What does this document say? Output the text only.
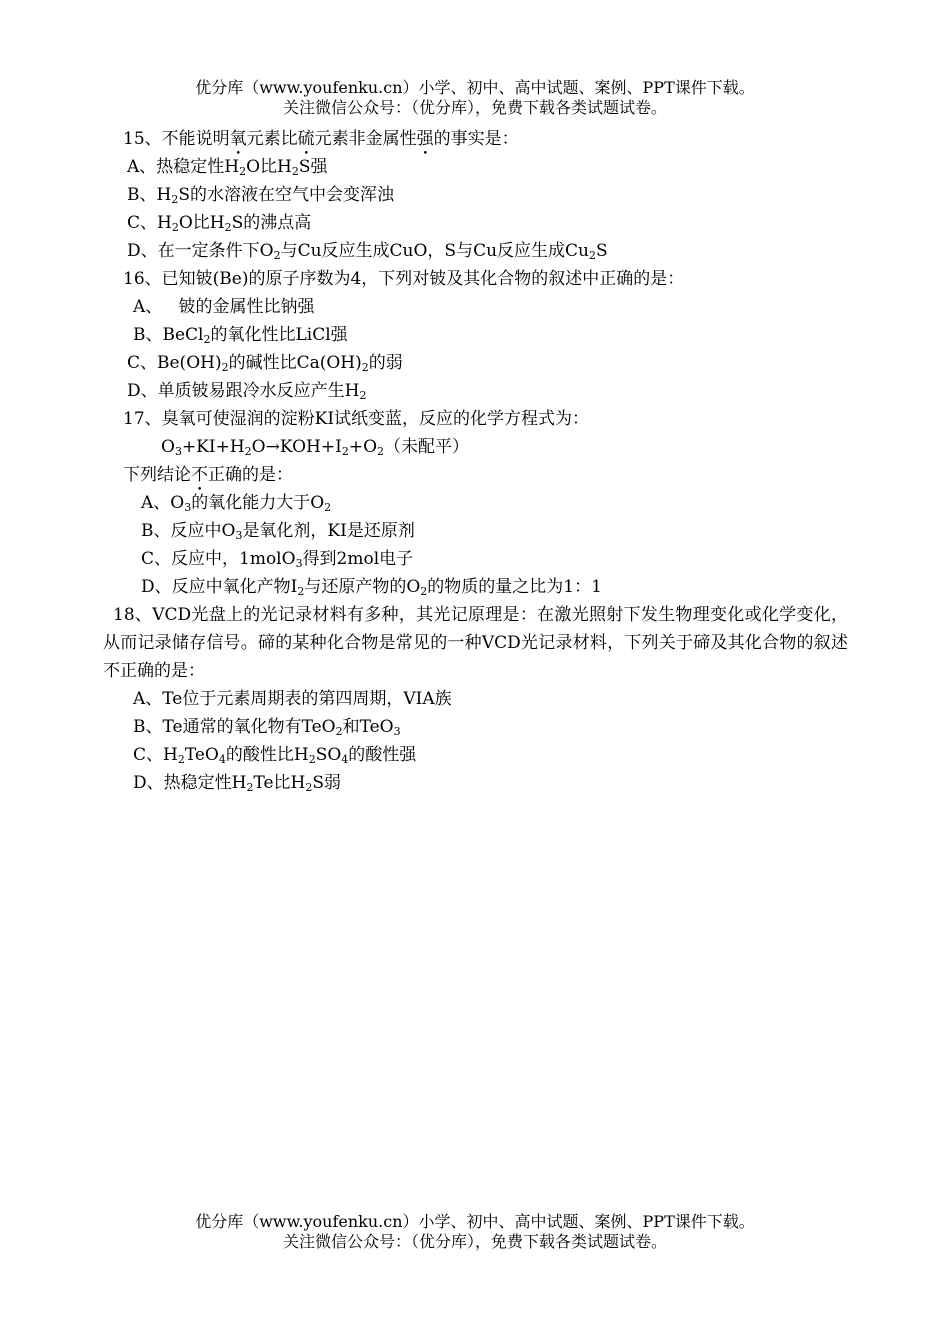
优分库（www.youfenku.cn）小学、初中、高中试题、案例、PPT课件下载。
关注微信公众号：（优分库），免费下载各类试题试卷。
15、不能说明氧元素比硫元素非金属性强的事实是：
A、热稳定性$H_2O$比$H_2S$强
B、$H_2S$的水溶液在空气中会变浑浊
C、$H_2O$比$H_2S$的沸点高
D、在一定条件下$O_2$与Cu反应生成CuO，S与Cu反应生成$Cu_2S$
16、已知铍(Be)的原子序数为4，下列对铍及其化合物的叙述中正确的是：
A、   铍的金属性比钠强
B、BeCl$_2$的氧化性比LiCl强
C、$Be(OH)_2$的碱性比$Ca(OH)_2$的弱
D、单质铍易跟冷水反应产生$H_2$
17、臭氧可使湿润的淀粉KI试纸变蓝，反应的化学方程式为：
$O_3+KI+H_2O\to KOH+I_2+O_2$（未配平）
下列结论不正确的是：
A、$O_3$的氧化能力大于$O_2$
B、反应中$O_3$是氧化剂，KI是还原剂
C、反应中，1molO$_3$得到2mol电子
D、反应中氧化产物$I_2$与还原产物的$O_2$的物质的量之比为1：1
18、VCD光盘上的光记录材料有多种，其光记原理是：在激光照射下发生物理变化或化学变化，从而记录储存信号。碲的某种化合物是常见的一种VCD光记录材料，下列关于碲及其化合物的叙述不正确的是：
A、Te位于元素周期表的第四周期，VIA族
B、Te通常的氧化物有TeO$_2$和TeO$_3$
C、$H_2TeO_4$的酸性比$H_2SO_4$的酸性强
D、热稳定性$H_2Te$比$H_2S$弱
优分库（www.youfenku.cn）小学、初中、高中试题、案例、PPT课件下载。
关注微信公众号：（优分库），免费下载各类试题试卷。
